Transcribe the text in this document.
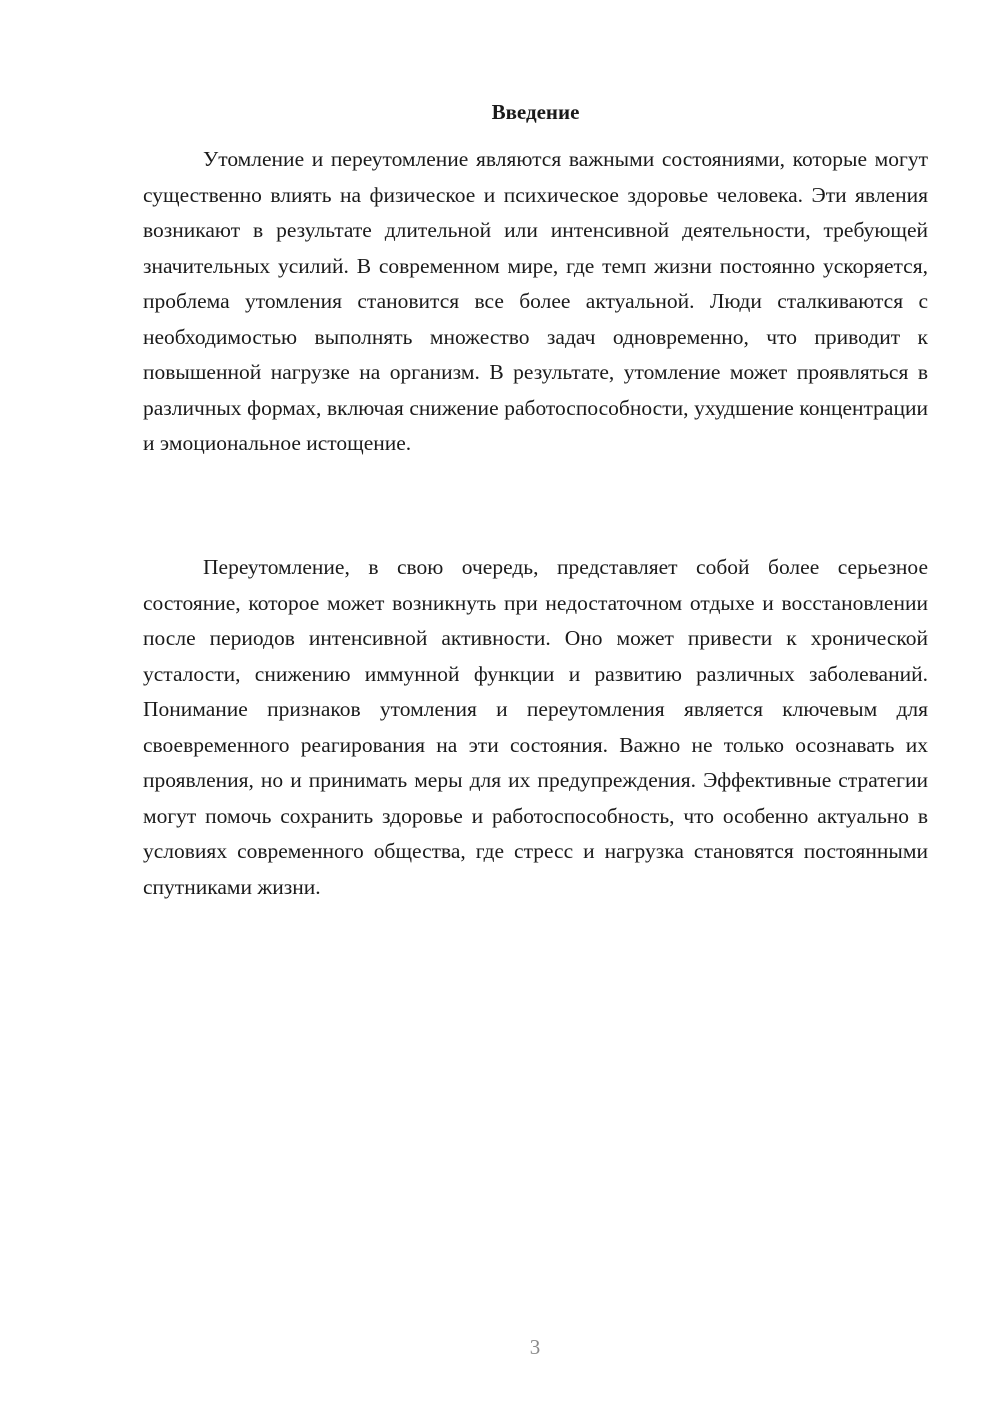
Введение

Утомление и переутомление являются важными состояниями, которые могут существенно влиять на физическое и психическое здоровье человека. Эти явления возникают в результате длительной или интенсивной деятельности, требующей значительных усилий. В современном мире, где темп жизни постоянно ускоряется, проблема утомления становится все более актуальной. Люди сталкиваются с необходимостью выполнять множество задач одновременно, что приводит к повышенной нагрузке на организм. В результате, утомление может проявляться в различных формах, включая снижение работоспособности, ухудшение концентрации и эмоциональное истощение.

Переутомление, в свою очередь, представляет собой более серьезное состояние, которое может возникнуть при недостаточном отдыхе и восстановлении после периодов интенсивной активности. Оно может привести к хронической усталости, снижению иммунной функции и развитию различных заболеваний. Понимание признаков утомления и переутомления является ключевым для своевременного реагирования на эти состояния. Важно не только осознавать их проявления, но и принимать меры для их предупреждения. Эффективные стратегии могут помочь сохранить здоровье и работоспособность, что особенно актуально в условиях современного общества, где стресс и нагрузка становятся постоянными спутниками жизни.

3
